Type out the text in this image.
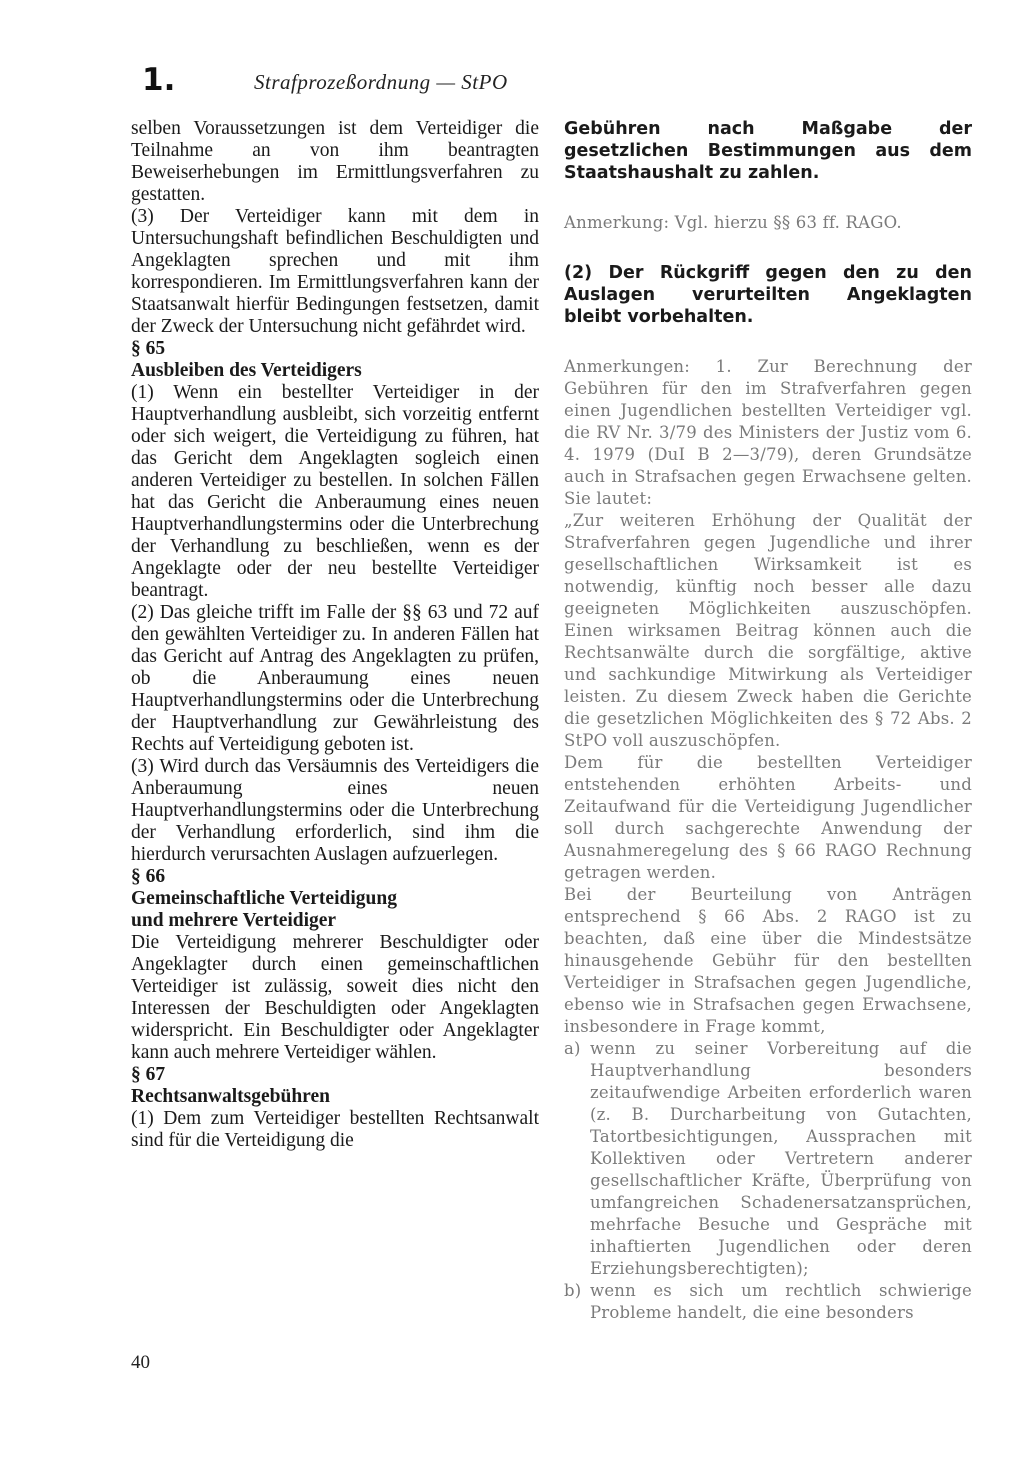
1.	Strafprozeßordnung — StPO

selben Voraussetzungen ist dem Verteidiger die Teilnahme an von ihm beantragten Beweiserhebungen im Ermittlungsverfahren zu gestatten.

(3) Der Verteidiger kann mit dem in Untersuchungshaft befindlichen Beschuldigten und Angeklagten sprechen und mit ihm korrespondieren. Im Ermittlungsverfahren kann der Staatsanwalt hierfür Bedingungen festsetzen, damit der Zweck der Untersuchung nicht gefährdet wird.

§ 65

Ausbleiben des Verteidigers

(1) Wenn ein bestellter Verteidiger in der Hauptverhandlung ausbleibt, sich vorzeitig entfernt oder sich weigert, die Verteidigung zu führen, hat das Gericht dem Angeklagten sogleich einen anderen Verteidiger zu bestellen. In solchen Fällen hat das Gericht die Anberaumung eines neuen Hauptverhandlungstermins oder die Unterbrechung der Verhandlung zu beschließen, wenn es der Angeklagte oder der neu bestellte Verteidiger beantragt.

(2) Das gleiche trifft im Falle der §§ 63 und 72 auf den gewählten Verteidiger zu. In anderen Fällen hat das Gericht auf Antrag des Angeklagten zu prüfen, ob die Anberaumung eines neuen Hauptverhandlungstermins oder die Unterbrechung der Hauptverhandlung zur Gewährleistung des Rechts auf Verteidigung geboten ist.

(3) Wird durch das Versäumnis des Verteidigers die Anberaumung eines neuen Hauptverhandlungstermins oder die Unterbrechung der Verhandlung erforderlich, sind ihm die hierdurch verursachten Auslagen aufzuerlegen.

§ 66

Gemeinschaftliche Verteidigung

und mehrere Verteidiger

Die Verteidigung mehrerer Beschuldigter oder Angeklagter durch einen gemeinschaftlichen Verteidiger ist zulässig, soweit dies nicht den Interessen der Beschuldigten oder Angeklagten widerspricht. Ein Beschuldigter oder Angeklagter kann auch mehrere Verteidiger wählen.

§ 67

Rechtsanwaltsgebühren

(1) Dem zum Verteidiger bestellten Rechtsanwalt sind für die Verteidigung die

Gebühren nach Maßgabe der gesetzlichen Bestimmungen aus dem Staatshaushalt zu zahlen.

Anmerkung: Vgl. hierzu §§ 63 ff. RAGO.

(2) Der Rückgriff gegen den zu den Auslagen verurteilten Angeklagten bleibt vorbehalten.

Anmerkungen: 1. Zur Berechnung der Gebühren für den im Strafverfahren gegen einen Jugendlichen bestellten Verteidiger vgl. die RV Nr. 3/79 des Ministers der Justiz vom 6. 4. 1979 (DuI B 2—3/79), deren Grundsätze auch in Strafsachen gegen Erwachsene gelten. Sie lautet:

„Zur weiteren Erhöhung der Qualität der Strafverfahren gegen Jugendliche und ihrer gesellschaftlichen Wirksamkeit ist es notwendig, künftig noch besser alle dazu geeigneten Möglichkeiten auszuschöpfen. Einen wirksamen Beitrag können auch die Rechtsanwälte durch die sorgfältige, aktive und sachkundige Mitwirkung als Verteidiger leisten. Zu diesem Zweck haben die Gerichte die gesetzlichen Möglichkeiten des § 72 Abs. 2 StPO voll auszuschöpfen.

Dem für die bestellten Verteidiger entstehenden erhöhten Arbeits- und Zeitaufwand für die Verteidigung Jugendlicher soll durch sachgerechte Anwendung der Ausnahmeregelung des § 66 RAGO Rechnung getragen werden.

Bei der Beurteilung von Anträgen entsprechend § 66 Abs. 2 RAGO ist zu beachten, daß eine über die Mindestsätze hinausgehende Gebühr für den bestellten Verteidiger in Strafsachen gegen Jugendliche, ebenso wie in Strafsachen gegen Erwachsene, insbesondere in Frage kommt,

a) wenn zu seiner Vorbereitung auf die Hauptverhandlung besonders zeitaufwendige Arbeiten erforderlich waren (z. B. Durcharbeitung von Gutachten, Tatortbesichtigungen, Aussprachen mit Kollektiven oder Vertretern anderer gesellschaftlicher Kräfte, Überprüfung von umfangreichen Schadenersatzansprüchen, mehrfache Besuche und Gespräche mit inhaftierten Jugendlichen oder deren Erziehungsberechtigten);
b) wenn es sich um rechtlich schwierige Probleme handelt, die eine besonders
40
